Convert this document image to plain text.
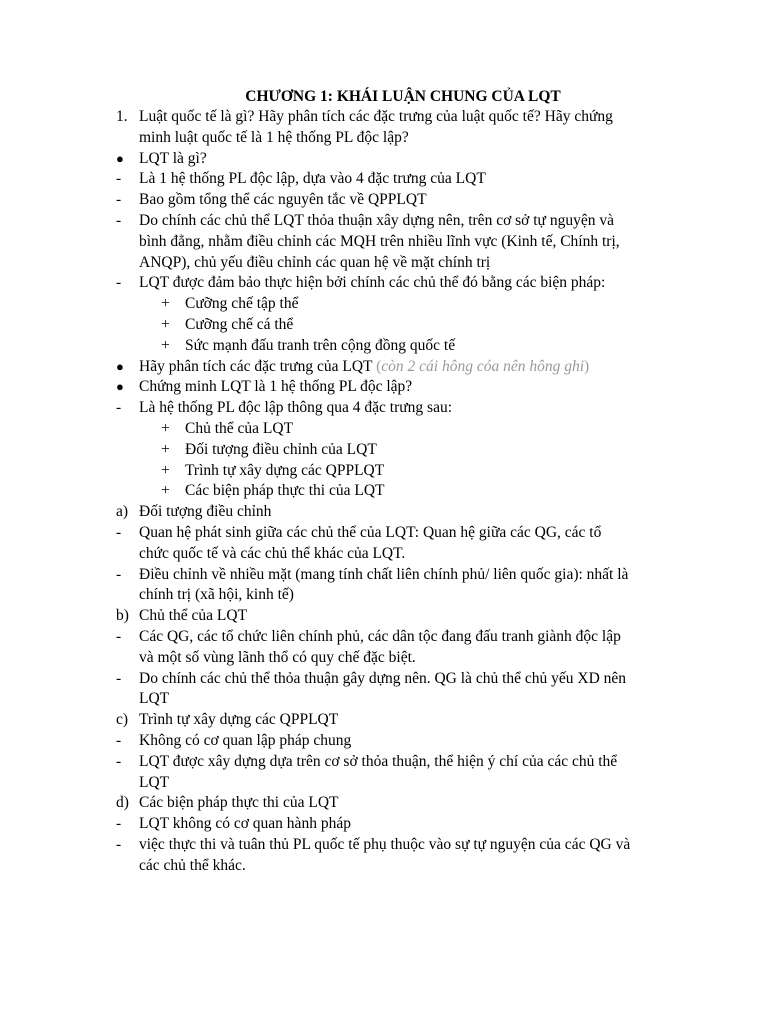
CHƯƠNG 1: KHÁI LUẬN CHUNG CỦA LQT
1. Luật quốc tế là gì? Hãy phân tích các đặc trưng của luật quốc tế? Hãy chứng
minh luật quốc tế là 1 hệ thống PL độc lập?
● LQT là gì?
- Là 1 hệ thống PL độc lập, dựa vào 4 đặc trưng của LQT
- Bao gồm tổng thể các nguyên tắc về QPPLQT
- Do chính các chủ thể LQT thỏa thuận xây dựng nên, trên cơ sở tự nguyện và
bình đẳng, nhằm điều chỉnh các MQH trên nhiều lĩnh vực (Kinh tế, Chính trị,
ANQP), chủ yếu điều chỉnh các quan hệ về mặt chính trị
- LQT được đảm bảo thực hiện bởi chính các chủ thể đó bằng các biện pháp:
+ Cưỡng chế tập thể
+ Cưỡng chế cá thể
+ Sức mạnh đấu tranh trên cộng đồng quốc tế
● Hãy phân tích các đặc trưng của LQT (còn 2 cái hông cóa nên hông ghi)
● Chứng minh LQT là 1 hệ thống PL độc lập?
- Là hệ thống PL độc lập thông qua 4 đặc trưng sau:
+ Chủ thể của LQT
+ Đối tượng điều chỉnh của LQT
+ Trình tự xây dựng các QPPLQT
+ Các biện pháp thực thi của LQT
a) Đối tượng điều chỉnh
- Quan hệ phát sinh giữa các chủ thể của LQT: Quan hệ giữa các QG, các tổ
chức quốc tế và các chủ thể khác của LQT.
- Điều chỉnh về nhiều mặt (mang tính chất liên chính phủ/ liên quốc gia): nhất là
chính trị (xã hội, kinh tế)
b) Chủ thể của LQT
- Các QG, các tổ chức liên chính phủ, các dân tộc đang đấu tranh giành độc lập
và một số vùng lãnh thổ có quy chế đặc biệt.
- Do chính các chủ thể thỏa thuận gây dựng nên. QG là chủ thể chủ yếu XD nên
LQT
c) Trình tự xây dựng các QPPLQT
- Không có cơ quan lập pháp chung
- LQT được xây dựng dựa trên cơ sở thỏa thuận, thể hiện ý chí của các chủ thể
LQT
d) Các biện pháp thực thi của LQT
- LQT không có cơ quan hành pháp
- việc thực thi và tuân thủ PL quốc tế phụ thuộc vào sự tự nguyện của các QG và
các chủ thể khác.
